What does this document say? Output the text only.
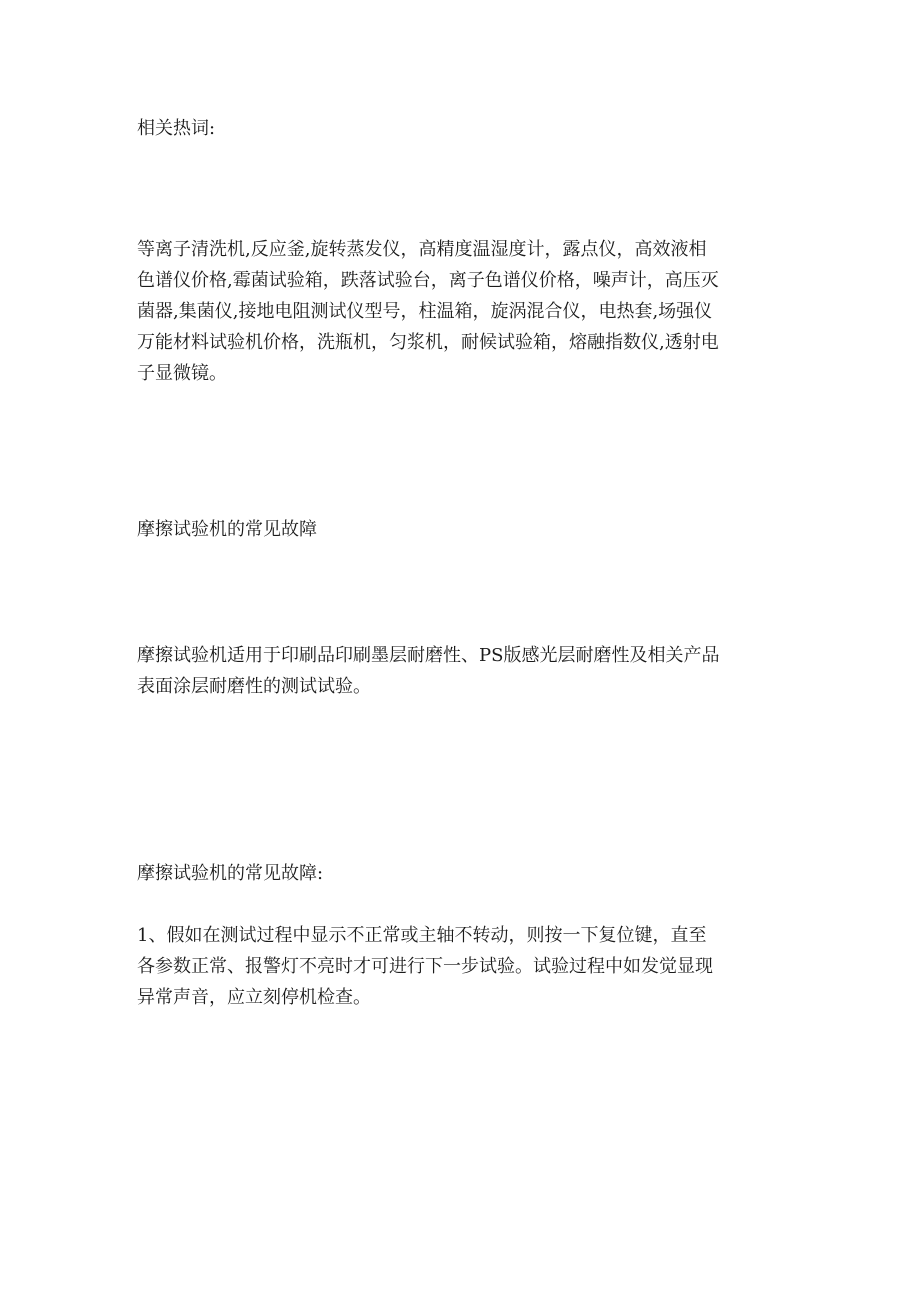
相关热词:

等离子清洗机,反应釜,旋转蒸发仪，高精度温湿度计，露点仪，高效液相
色谱仪价格,霉菌试验箱，跌落试验台，离子色谱仪价格，噪声计，高压灭
菌器,集菌仪,接地电阻测试仪型号，柱温箱，旋涡混合仪，电热套,场强仪
万能材料试验机价格，洗瓶机，匀浆机，耐候试验箱，熔融指数仪,透射电
子显微镜。

摩擦试验机的常见故障

摩擦试验机适用于印刷品印刷墨层耐磨性、PS版感光层耐磨性及相关产品
表面涂层耐磨性的测试试验。

摩擦试验机的常见故障:

1、假如在测试过程中显示不正常或主轴不转动，则按一下复位键，直至
各参数正常、报警灯不亮时才可进行下一步试验。试验过程中如发觉显现
异常声音，应立刻停机检查。
